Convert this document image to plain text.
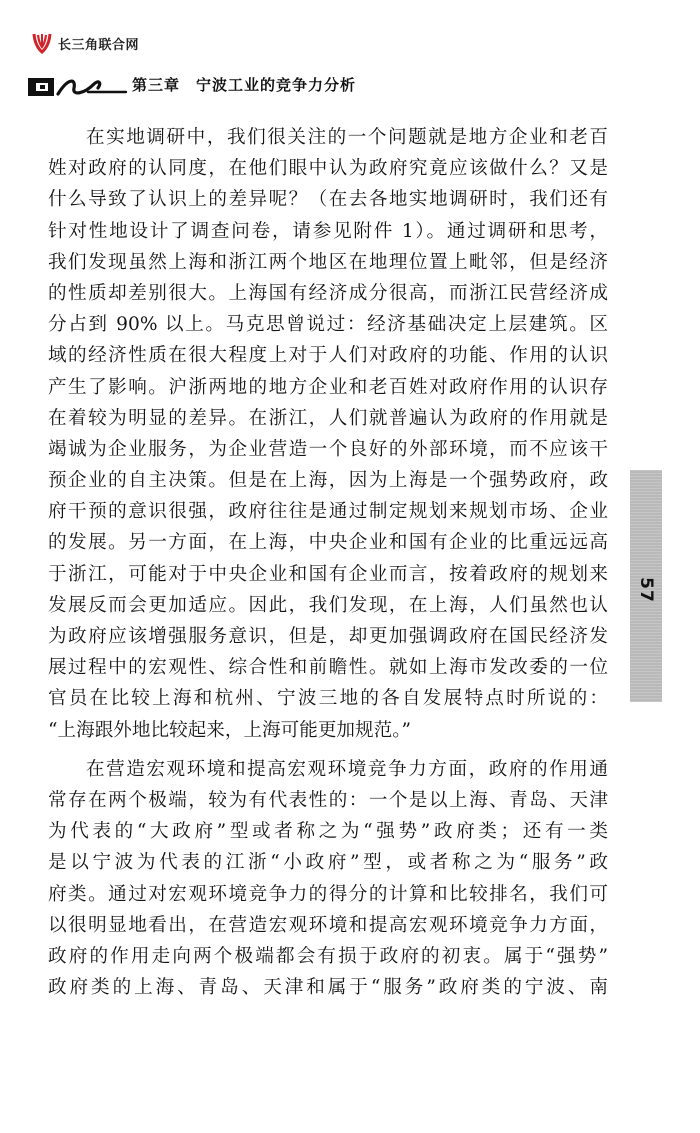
长三角联合网
第三章　宁波工业的竞争力分析
在实地调研中，我们很关注的一个问题就是地方企业和老百
姓对政府的认同度，在他们眼中认为政府究竟应该做什么？又是
什么导致了认识上的差异呢？（在去各地实地调研时，我们还有
针对性地设计了调查问卷，请参见附件 1）。通过调研和思考，
我们发现虽然上海和浙江两个地区在地理位置上毗邻，但是经济
的性质却差别很大。上海国有经济成分很高，而浙江民营经济成
分占到 90% 以上。马克思曾说过：经济基础决定上层建筑。区
域的经济性质在很大程度上对于人们对政府的功能、作用的认识
产生了影响。沪浙两地的地方企业和老百姓对政府作用的认识存
在着较为明显的差异。在浙江，人们就普遍认为政府的作用就是
竭诚为企业服务，为企业营造一个良好的外部环境，而不应该干
预企业的自主决策。但是在上海，因为上海是一个强势政府，政
府干预的意识很强，政府往往是通过制定规划来规划市场、企业
的发展。另一方面，在上海，中央企业和国有企业的比重远远高
于浙江，可能对于中央企业和国有企业而言，按着政府的规划来
发展反而会更加适应。因此，我们发现，在上海，人们虽然也认
为政府应该增强服务意识，但是，却更加强调政府在国民经济发
展过程中的宏观性、综合性和前瞻性。就如上海市发改委的一位
官员在比较上海和杭州、宁波三地的各自发展特点时所说的：
“上海跟外地比较起来，上海可能更加规范。”
在营造宏观环境和提高宏观环境竞争力方面，政府的作用通
常存在两个极端，较为有代表性的：一个是以上海、青岛、天津
为代表的“大政府”型或者称之为“强势”政府类；还有一类
是以宁波为代表的江浙“小政府”型，或者称之为“服务”政
府类。通过对宏观环境竞争力的得分的计算和比较排名，我们可
以很明显地看出，在营造宏观环境和提高宏观环境竞争力方面，
政府的作用走向两个极端都会有损于政府的初衷。属于“强势”
政府类的上海、青岛、天津和属于“服务”政府类的宁波、南
57
